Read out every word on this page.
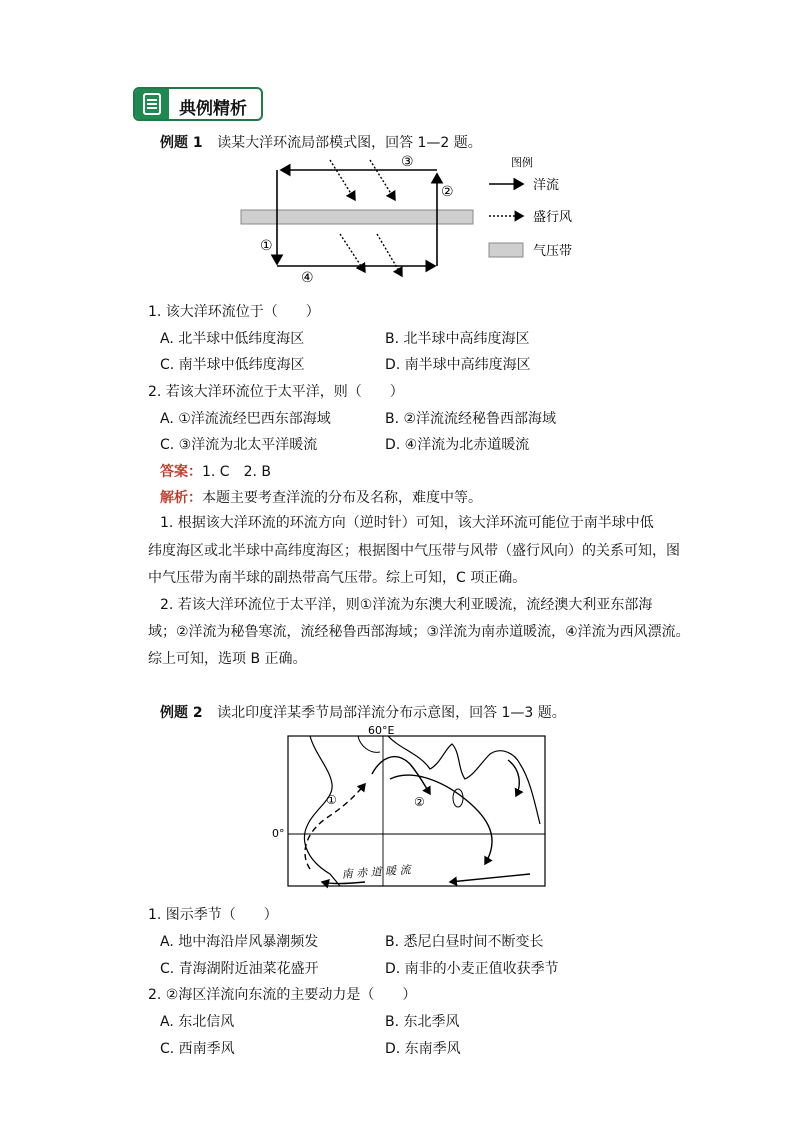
典例精析
例题 1 读某大洋环流局部模式图，回答 1—2 题。
①
②
③
④
图例
洋流
盛行风
气压带
1. 该大洋环流位于（　　）
A. 北半球中低纬度海区	B. 北半球中高纬度海区
C. 南半球中低纬度海区	D. 南半球中高纬度海区
2. 若该大洋环流位于太平洋，则（　　）
A. ①洋流流经巴西东部海域	B. ②洋流流经秘鲁西部海域
C. ③洋流为北太平洋暖流	D. ④洋流为北赤道暖流
答案：1. C　2. B
解析：本题主要考查洋流的分布及名称，难度中等。
1. 根据该大洋环流的环流方向（逆时针）可知，该大洋环流可能位于南半球中低
纬度海区或北半球中高纬度海区；根据图中气压带与风带（盛行风向）的关系可知，图
中气压带为南半球的副热带高气压带。综上可知，C 项正确。
2. 若该大洋环流位于太平洋，则①洋流为东澳大利亚暖流，流经澳大利亚东部海
域；②洋流为秘鲁寒流，流经秘鲁西部海域；③洋流为南赤道暖流，④洋流为西风漂流。
综上可知，选项 B 正确。
例题 2 读北印度洋某季节局部洋流分布示意图，回答 1—3 题。
60°E
0°
①	②
南 赤 道 暖 流
1. 图示季节（　　）
A. 地中海沿岸风暴潮频发	B. 悉尼白昼时间不断变长
C. 青海湖附近油菜花盛开	D. 南非的小麦正值收获季节
2. ②海区洋流向东流的主要动力是（　　）
A. 东北信风	B. 东北季风
C. 西南季风	D. 东南季风
